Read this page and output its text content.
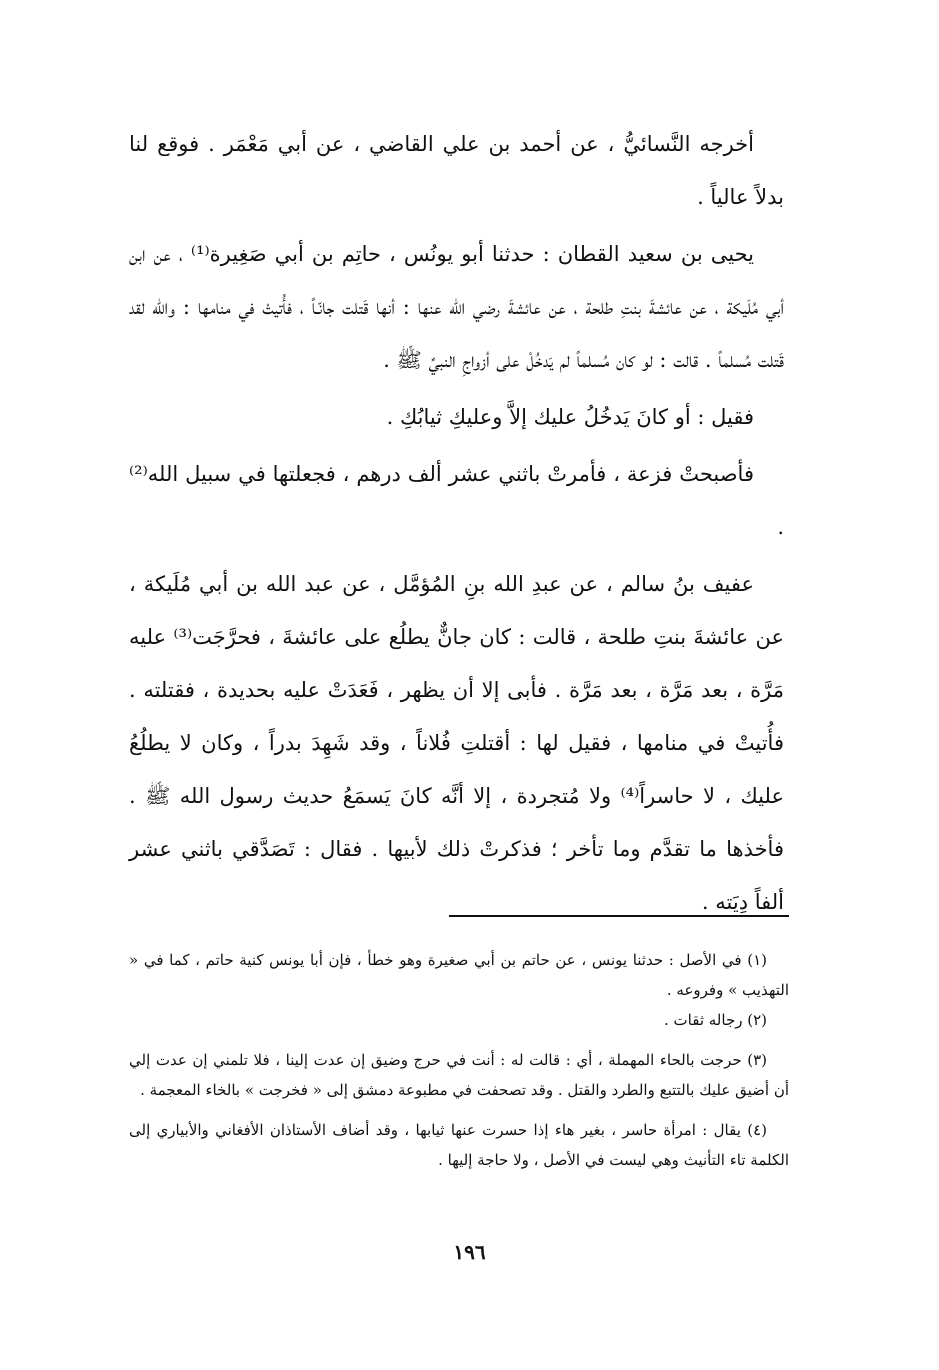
أخرجه النَّسائيُّ ، عن أحمد بن علي القاضي ، عن أبي مَعْمَر . فوقع لنا بدلاً عالياً .

يحيى بن سعيد القطان : حدثنا أبو يونُس ، حاتِم بن أبي صَغِيرة⁽¹⁾ ، عن ابن أبي مُلَيكة ، عن عائشةَ بنتِ طلحة ، عن عائشةَ رضي الله عنها : أنها قَتلت جانّـاً ، فأُتيتْ في منامها : والله لقد قَتلت مُسلماً . قالت : لو كان مُسلماً لم يَدخُلْ على أزواجِ النبيِّ ﷺ .

فقيل : أو كانَ يَدخُلُ عليك إلاَّ وعليكِ ثيابُكِ .

فأصبحتْ فزعة ، فأمرتْ باثني عشر ألف درهم ، فجعلتها في سبيل الله⁽²⁾ .

عفيف بنُ سالم ، عن عبدِ الله بنِ المُؤمَّل ، عن عبد الله بن أبي مُلَيكة ، عن عائشةَ بنتِ طلحة ، قالت : كان جانٌّ يطلُع على عائشةَ ، فحرَّجَت⁽³⁾ عليه مَرَّة ، بعد مَرَّة ، بعد مَرَّة . فأبى إلا أن يظهر ، فَعَدَتْ عليه بحديدة ، فقتلته . فأُتيتْ في منامها ، فقيل لها : أقتلتِ فُلاناً ، وقد شَهِدَ بدراً ، وكان لا يطلُعُ عليك ، لا حاسراً⁽⁴⁾ ولا مُتجردة ، إلا أنَّه كانَ يَسمَعُ حديث رسول الله ﷺ . فأخذها ما تقدَّم وما تأخر ؛ فذكرتْ ذلك لأبيها . فقال : تَصَدَّقي باثني عشر ألفاً دِيَته .

(١) في الأصل : حدثنا يونس ، عن حاتم بن أبي صغيرة وهو خطأ ، فإن أبا يونس كنية حاتم ، كما في « التهذيب » وفروعه .

(٢) رجاله ثقات .

(٣) حرجت بالحاء المهملة ، أي : قالت له : أنت في حرج وضيق إن عدت إلينا ، فلا تلمني إن عدت إلي أن أضيق عليك بالتتبع والطرد والقتل . وقد تصحفت في مطبوعة دمشق إلى « فخرجت » بالخاء المعجمة .

(٤) يقال : امرأة حاسر ، بغير هاء إذا حسرت عنها ثيابها ، وقد أضاف الأستاذان الأفغاني والأبياري إلى الكلمة تاء التأنيث وهي ليست في الأصل ، ولا حاجة إليها .

١٩٦
